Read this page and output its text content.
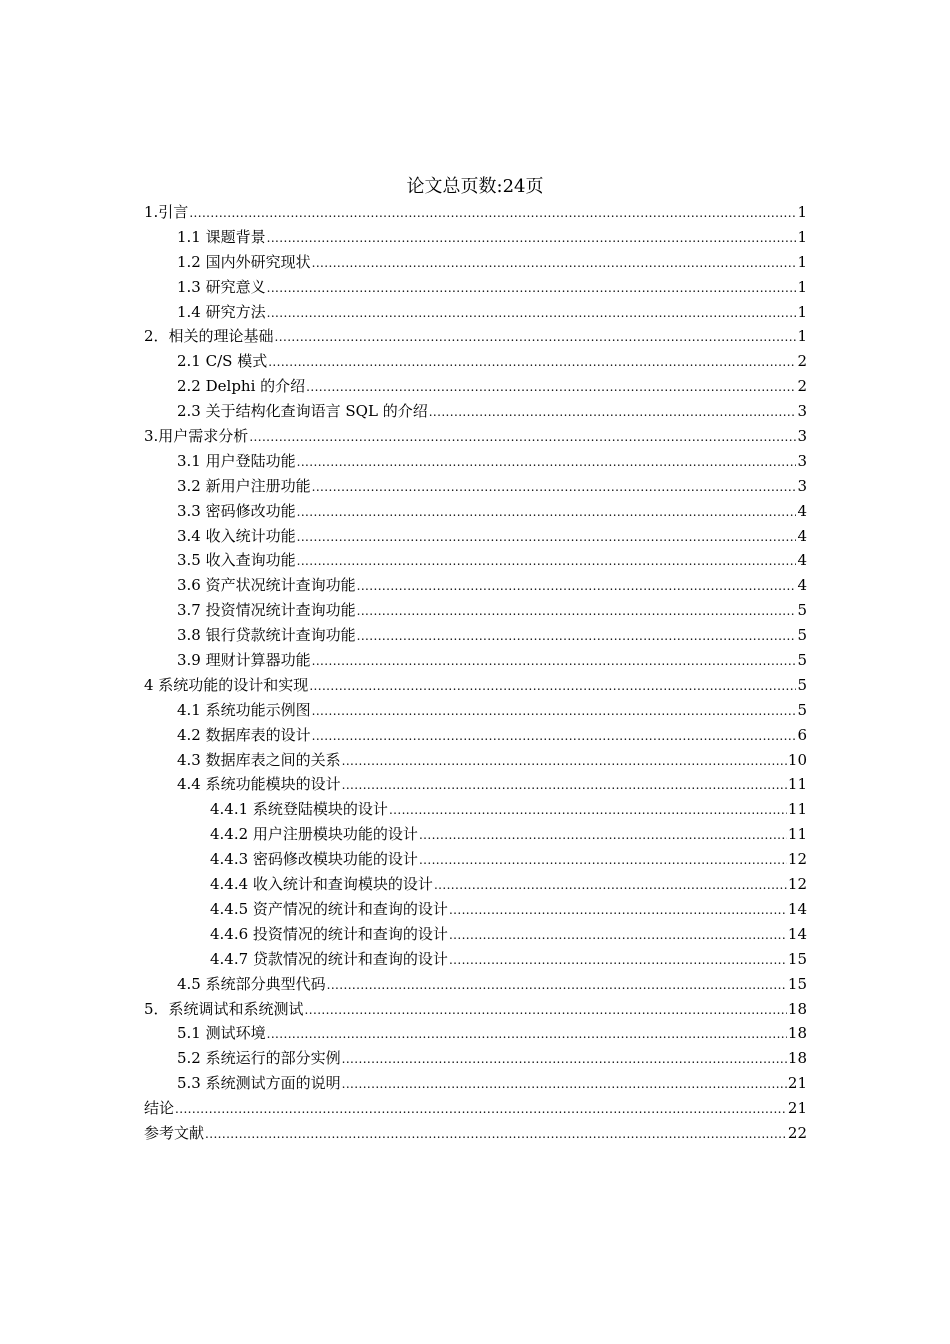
论文总页数:24页
1.引言 .....	1
1.1 课题背景 .....	1
1.2 国内外研究现状 .....	1
1.3 研究意义 .....	1
1.4 研究方法 .....	1
2．相关的理论基础 .....	1
2.1 C/S 模式 .....	2
2.2 Delphi 的介绍 .....	2
2.3 关于结构化查询语言 SQL 的介绍 .....	3
3.用户需求分析 .....	3
3.1 用户登陆功能 .....	3
3.2 新用户注册功能 .....	3
3.3 密码修改功能 .....	4
3.4 收入统计功能 .....	4
3.5 收入查询功能 .....	4
3.6 资产状况统计查询功能 .....	4
3.7 投资情况统计查询功能 .....	5
3.8 银行贷款统计查询功能 .....	5
3.9 理财计算器功能 .....	5
4 系统功能的设计和实现 .....	5
4.1 系统功能示例图 .....	5
4.2 数据库表的设计 .....	6
4.3 数据库表之间的关系 .....	10
4.4 系统功能模块的设计 .....	11
4.4.1 系统登陆模块的设计 .....	11
4.4.2 用户注册模块功能的设计 .....	11
4.4.3 密码修改模块功能的设计 .....	12
4.4.4 收入统计和查询模块的设计 .....	12
4.4.5 资产情况的统计和查询的设计 .....	14
4.4.6 投资情况的统计和查询的设计 .....	14
4.4.7 贷款情况的统计和查询的设计 .....	15
4.5 系统部分典型代码 .....	15
5．系统调试和系统测试 .....	18
5.1 测试环境 .....	18
5.2 系统运行的部分实例 .....	18
5.3 系统测试方面的说明 .....	21
结论 .....	21
参考文献 .....	22
